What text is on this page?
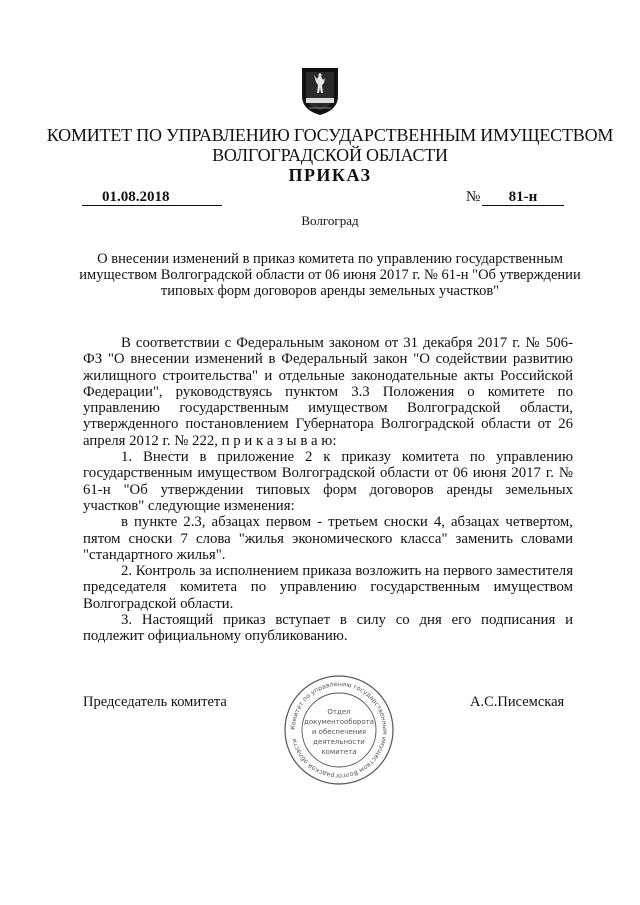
КОМИТЕТ ПО УПРАВЛЕНИЮ ГОСУДАРСТВЕННЫМ ИМУЩЕСТВОМ
ВОЛГОГРАДСКОЙ ОБЛАСТИ
ПРИКАЗ
01.08.2018	№	81-н
Волгоград
О внесении изменений в приказ комитета по управлению государственным имуществом Волгоградской области от 06 июня 2017 г. № 61-н "Об утверждении типовых форм договоров аренды земельных участков"

В соответствии с Федеральным законом от 31 декабря 2017 г. № 506-ФЗ "О внесении изменений в Федеральный закон "О содействии развитию жилищного строительства" и отдельные законодательные акты Российской Федерации", руководствуясь пунктом 3.3 Положения о комитете по управлению государственным имуществом Волгоградской области, утвержденного постановлением Губернатора Волгоградской области от 26 апреля 2012 г. № 222, п р и к а з ы в а ю:

1. Внести в приложение 2 к приказу комитета по управлению государственным имуществом Волгоградской области от 06 июня 2017 г. № 61-н "Об утверждении типовых форм договоров аренды земельных участков" следующие изменения:

в пункте 2.3, абзацах первом - третьем сноски 4, абзацах четвертом, пятом сноски 7 слова "жилья экономического класса" заменить словами "стандартного жилья".

2. Контроль за исполнением приказа возложить на первого заместителя председателя комитета по управлению государственным имуществом Волгоградской области.

3. Настоящий приказ вступает в силу со дня его подписания и подлежит официальному опубликованию.

Председатель комитета
Комитет по управлению государственным имуществом Волгоградской области
Отдел
документооборота
и обеспечения
деятельности
комитета
А.С.Писемская
